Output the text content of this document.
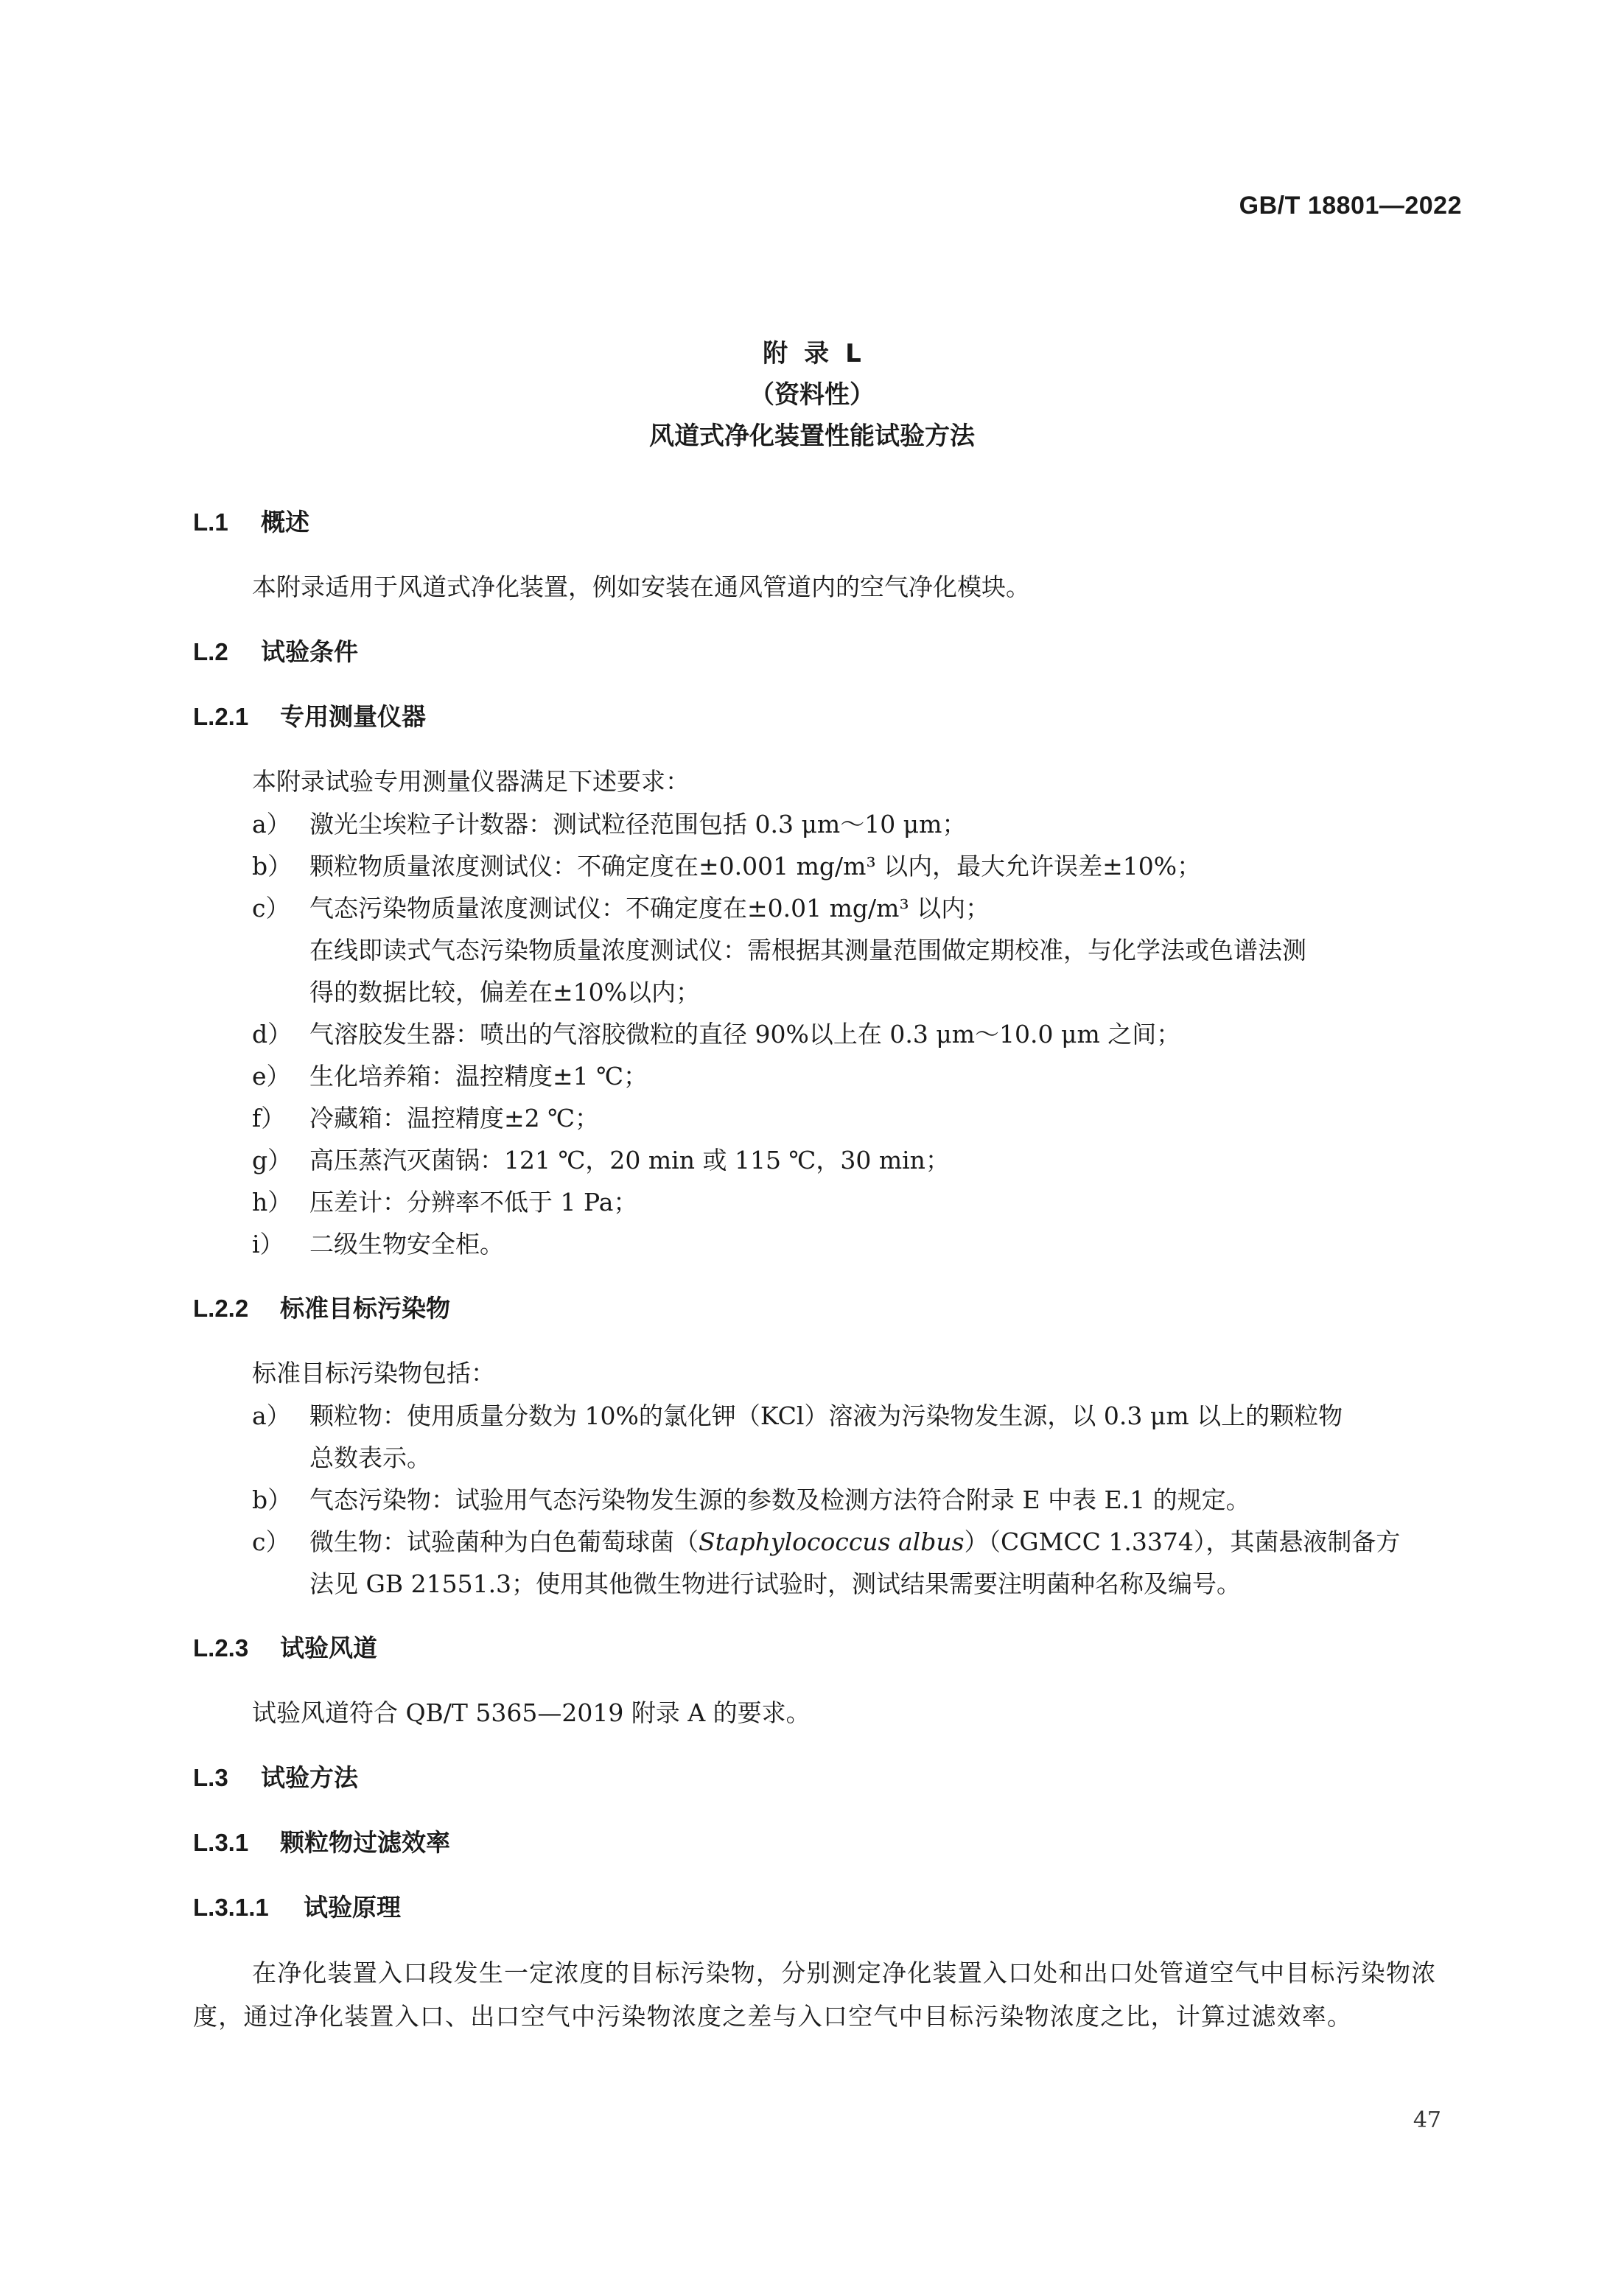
GB/T 18801—2022
附录L
（资料性）
风道式净化装置性能试验方法
L.1 概述
本附录适用于风道式净化装置，例如安装在通风管道内的空气净化模块。
L.2 试验条件
L.2.1 专用测量仪器
本附录试验专用测量仪器满足下述要求：
a） 激光尘埃粒子计数器：测试粒径范围包括 0.3 μm～10 μm；
b） 颗粒物质量浓度测试仪：不确定度在±0.001 mg/m³ 以内，最大允许误差±10%；
c） 气态污染物质量浓度测试仪：不确定度在±0.01 mg/m³ 以内；
在线即读式气态污染物质量浓度测试仪：需根据其测量范围做定期校准，与化学法或色谱法测
得的数据比较，偏差在±10%以内；
d） 气溶胶发生器：喷出的气溶胶微粒的直径 90%以上在 0.3 μm～10.0 μm 之间；
e） 生化培养箱：温控精度±1 ℃；
f） 冷藏箱：温控精度±2 ℃；
g） 高压蒸汽灭菌锅：121 ℃，20 min 或 115 ℃，30 min；
h） 压差计：分辨率不低于 1 Pa；
i） 二级生物安全柜。
L.2.2 标准目标污染物
标准目标污染物包括：
a） 颗粒物：使用质量分数为 10%的氯化钾（KCl）溶液为污染物发生源，以 0.3 μm 以上的颗粒物
总数表示。
b） 气态污染物：试验用气态污染物发生源的参数及检测方法符合附录 E 中表 E.1 的规定。
c） 微生物：试验菌种为白色葡萄球菌（Staphylococcus albus）（CGMCC 1.3374），其菌悬液制备方
法见 GB 21551.3；使用其他微生物进行试验时，测试结果需要注明菌种名称及编号。
L.2.3 试验风道
试验风道符合 QB/T 5365—2019 附录 A 的要求。
L.3 试验方法
L.3.1 颗粒物过滤效率
L.3.1.1 试验原理
在净化装置入口段发生一定浓度的目标污染物，分别测定净化装置入口处和出口处管道空气中目标污染物浓度，通过净化装置入口、出口空气中污染物浓度之差与入口空气中目标污染物浓度之比，计算过滤效率。
47
